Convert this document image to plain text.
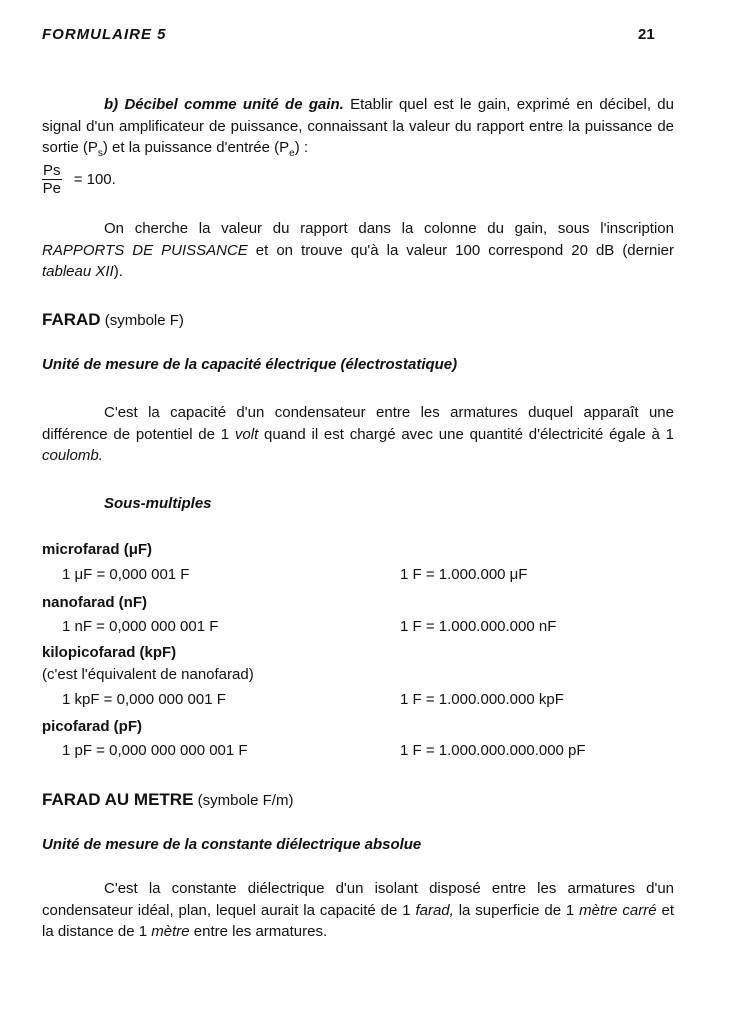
FORMULAIRE 5	21
b) Décibel comme unité de gain. Etablir quel est le gain, exprimé en décibel, du signal d'un amplificateur de puissance, connaissant la valeur du rapport entre la puissance de sortie $(P_s)$ et la puissance d'entrée $(P_e)$ :
$\frac{Ps}{Pe} = 100$.
On cherche la valeur du rapport dans la colonne du gain, sous l'inscription RAPPORTS DE PUISSANCE et on trouve qu'à la valeur 100 correspond 20 dB (dernier tableau XII).
FARAD (symbole F)
Unité de mesure de la capacité électrique (électrostatique)
C'est la capacité d'un condensateur entre les armatures duquel apparaît une différence de potentiel de 1 volt quand il est chargé avec une quantité d'électricité égale à 1 coulomb.
Sous-multiples
microfarad (μF)
1 μF = 0,000 001 F	1 F = 1.000.000 μF
nanofarad (nF)
1 nF = 0,000 000 001 F	1 F = 1.000.000.000 nF
kilopicofarad (kpF)
(c'est l'équivalent de nanofarad)
1 kpF = 0,000 000 001 F	1 F = 1.000.000.000 kpF
picofarad (pF)
1 pF = 0,000 000 000 001 F	1 F = 1.000.000.000.000 pF
FARAD AU METRE (symbole F/m)
Unité de mesure de la constante diélectrique absolue
C'est la constante diélectrique d'un isolant disposé entre les armatures d'un condensateur idéal, plan, lequel aurait la capacité de 1 farad, la superficie de 1 mètre carré et la distance de 1 mètre entre les armatures.
